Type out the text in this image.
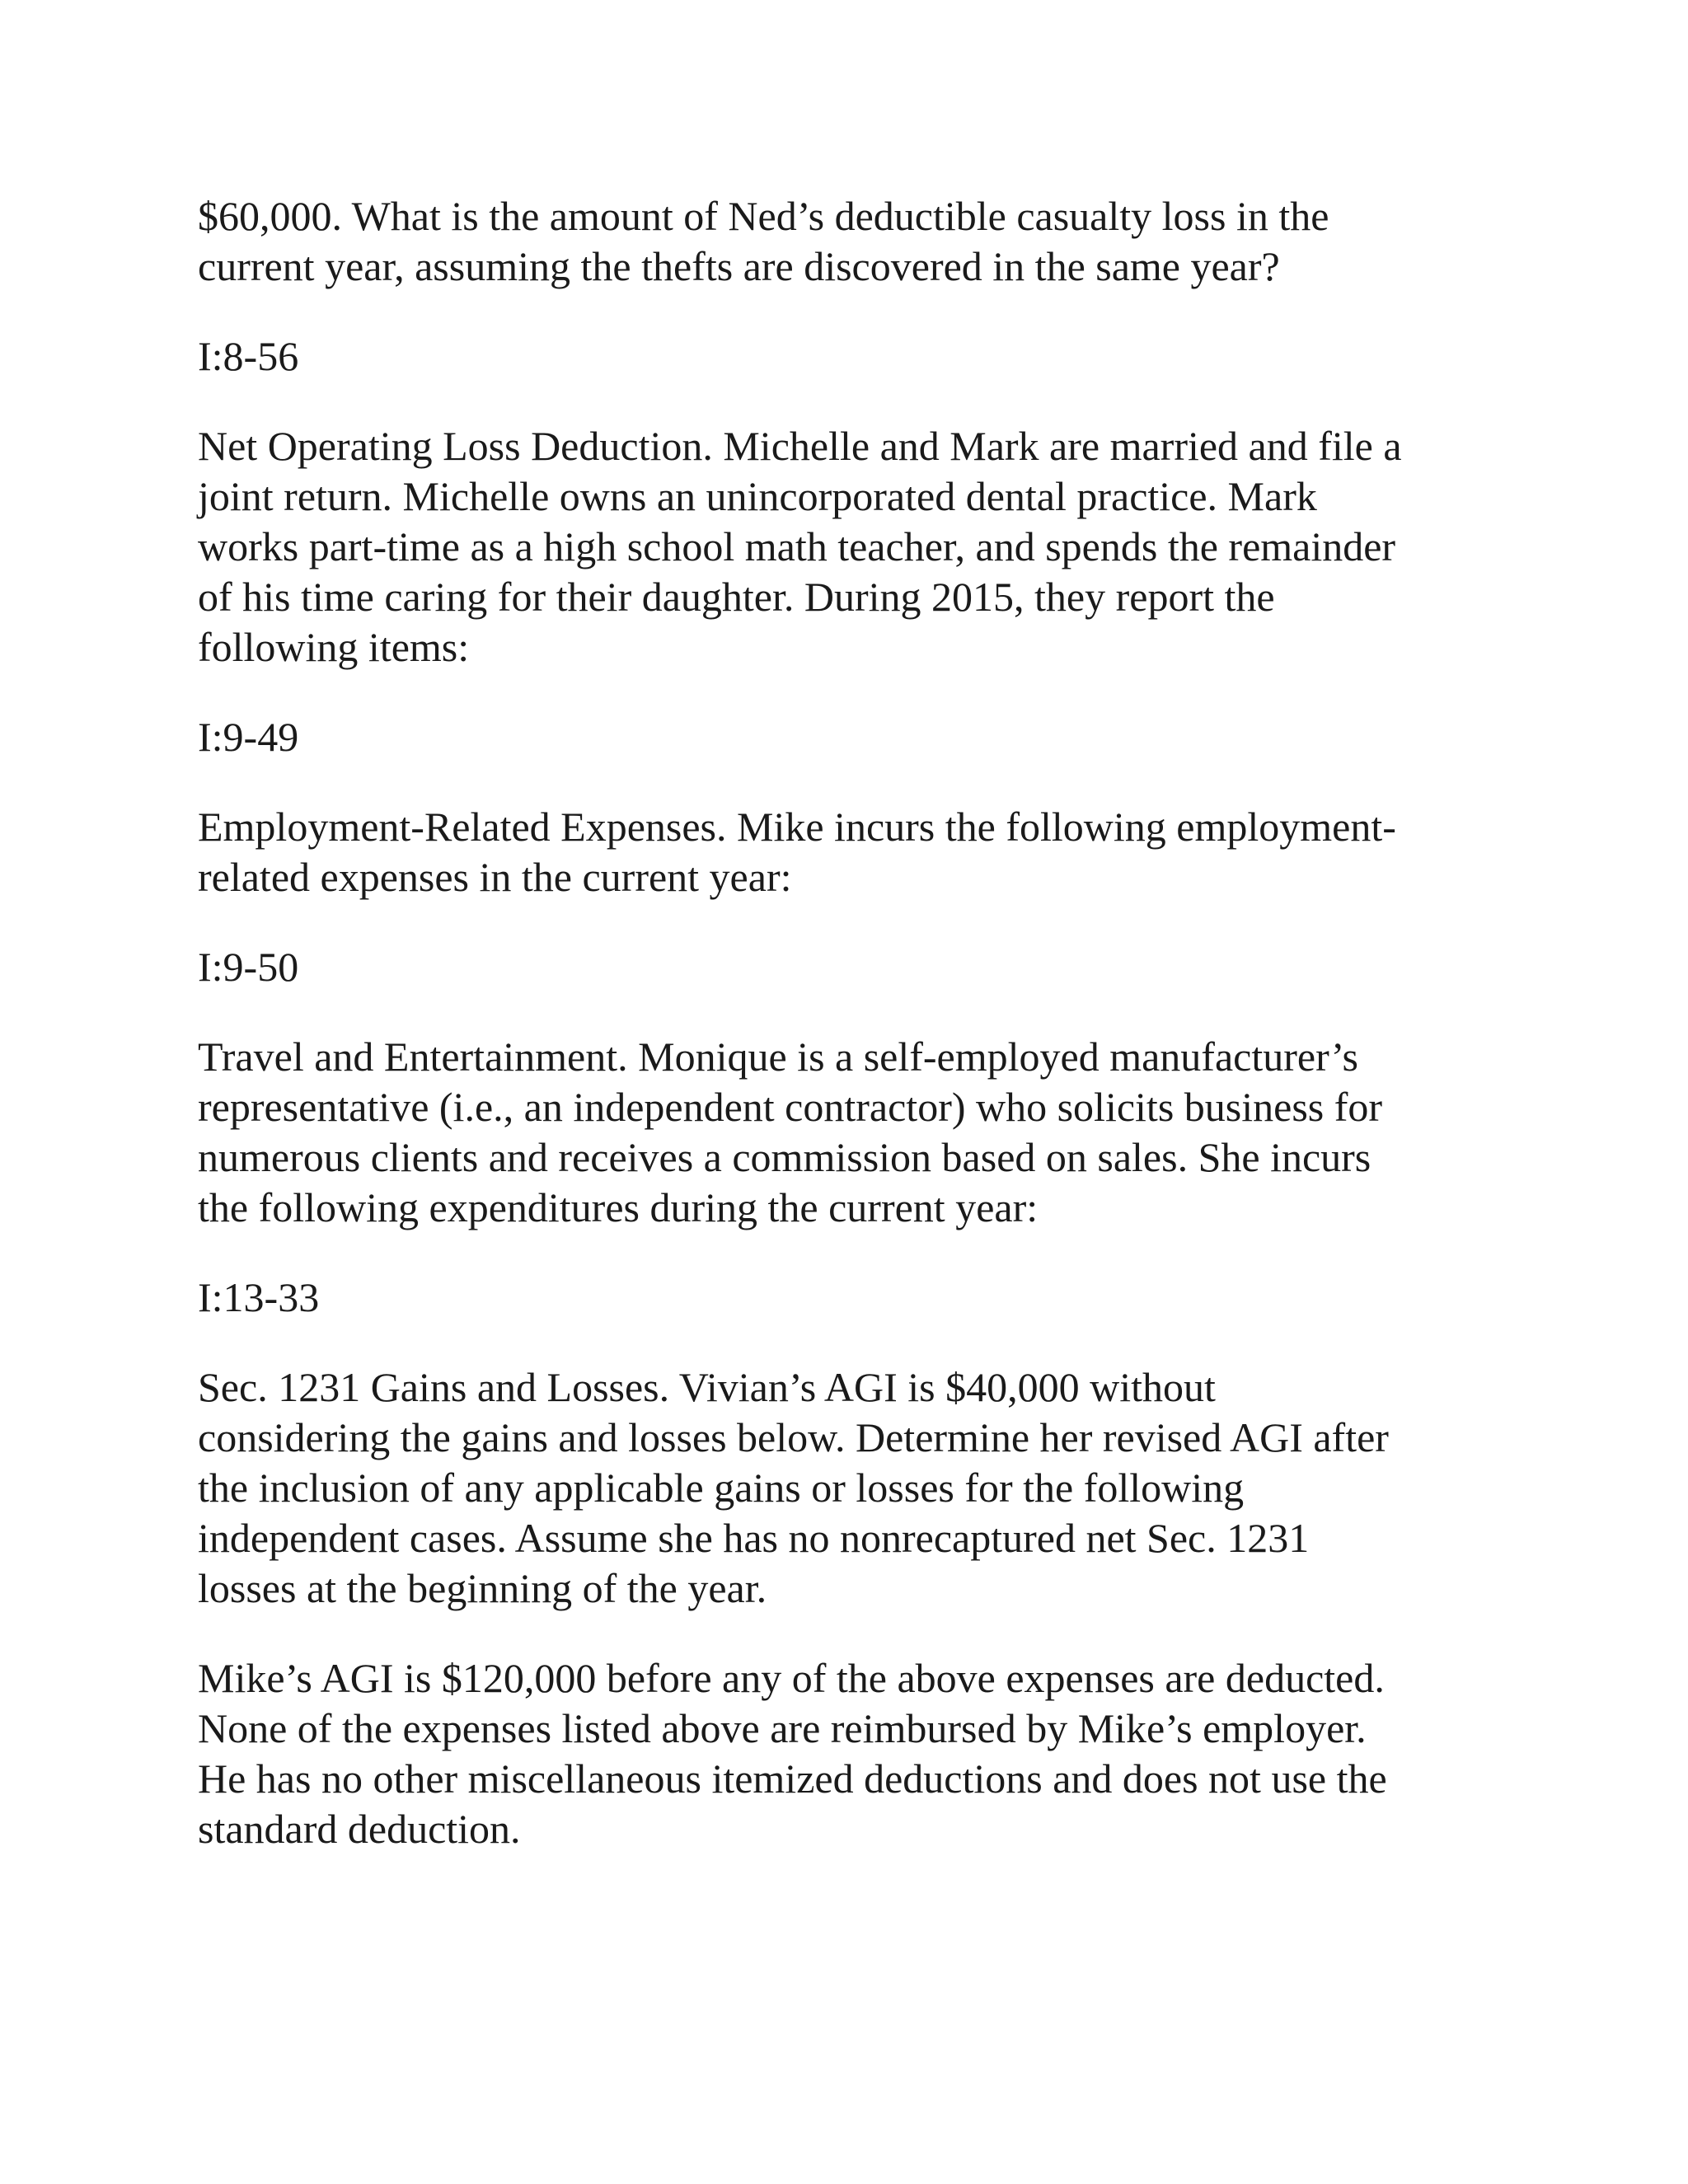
$60,000. What is the amount of Ned’s deductible casualty loss in the
current year, assuming the thefts are discovered in the same year?

I:8-56

Net Operating Loss Deduction. Michelle and Mark are married and file a
joint return. Michelle owns an unincorporated dental practice. Mark
works part-time as a high school math teacher, and spends the remainder
of his time caring for their daughter. During 2015, they report the
following items:

I:9-49

Employment-Related Expenses. Mike incurs the following employment-
related expenses in the current year:

I:9-50

Travel and Entertainment. Monique is a self-employed manufacturer’s
representative (i.e., an independent contractor) who solicits business for
numerous clients and receives a commission based on sales. She incurs
the following expenditures during the current year:

I:13-33

Sec. 1231 Gains and Losses. Vivian’s AGI is $40,000 without
considering the gains and losses below. Determine her revised AGI after
the inclusion of any applicable gains or losses for the following
independent cases. Assume she has no nonrecaptured net Sec. 1231
losses at the beginning of the year.

Mike’s AGI is $120,000 before any of the above expenses are deducted.
None of the expenses listed above are reimbursed by Mike’s employer.
He has no other miscellaneous itemized deductions and does not use the
standard deduction.
